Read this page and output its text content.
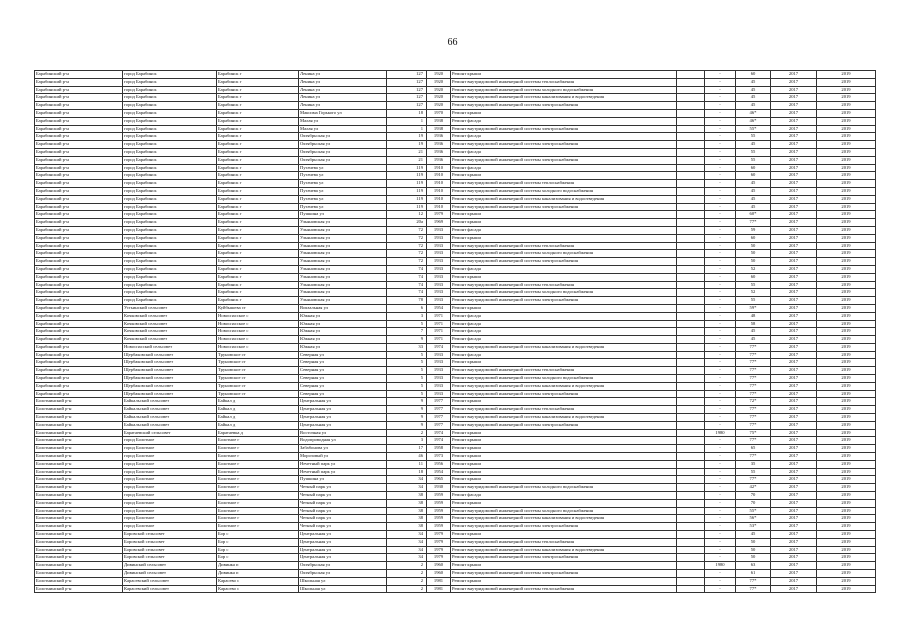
66
Барабинский р-н	город Барабинск	Барабинск г	Ленина ул	127	1920	Ремонт крыши		-	60	2017	2019
Барабинский р-н	город Барабинск	Барабинск г	Ленина ул	127	1920	Ремонт внутридомовой инженерной системы теплоснабжения		-	45	2017	2019
Барабинский р-н	город Барабинск	Барабинск г	Ленина ул	127	1920	Ремонт внутридомовой инженерной системы холодного водоснабжения		-	45	2017	2019
Барабинский р-н	город Барабинск	Барабинск г	Ленина ул	127	1920	Ремонт внутридомовой инженерной системы канализования и водоотведения		-	45	2017	2019
Барабинский р-н	город Барабинск	Барабинск г	Ленина ул	127	1920	Ремонт внутридомовой инженерной системы электроснабжения		-	45	2017	2019
Барабинский р-н	город Барабинск	Барабинск г	Максима Горького ул	18	1970	Ремонт крыши		-	46*	2017	2019
Барабинский р-н	город Барабинск	Барабинск г	Малая ул	1	1938	Ремонт фасада		-	46*	2017	2019
Барабинский р-н	город Барабинск	Барабинск г	Малая ул	1	1938	Ремонт внутридомовой инженерной системы электроснабжения		-	55*	2017	2019
Барабинский р-н	город Барабинск	Барабинск г	Октябрьская ул	19	1936	Ремонт фасада		-	55	2017	2019
Барабинский р-н	город Барабинск	Барабинск г	Октябрьская ул	19	1936	Ремонт внутридомовой инженерной системы электроснабжения		-	45	2017	2019
Барабинский р-н	город Барабинск	Барабинск г	Октябрьская ул	21	1936	Ремонт фасада		-	55	2017	2019
Барабинский р-н	город Барабинск	Барабинск г	Октябрьская ул	21	1936	Ремонт внутридомовой инженерной системы электроснабжения		-	55	2017	2019
Барабинский р-н	город Барабинск	Барабинск г	Пугачева ул	119	1910	Ремонт фасада		-	60	2017	2019
Барабинский р-н	город Барабинск	Барабинск г	Пугачева ул	119	1910	Ремонт крыши		-	60	2017	2019
Барабинский р-н	город Барабинск	Барабинск г	Пугачева ул	119	1910	Ремонт внутридомовой инженерной системы теплоснабжения		-	45	2017	2019
Барабинский р-н	город Барабинск	Барабинск г	Пугачева ул	119	1910	Ремонт внутридомовой инженерной системы холодного водоснабжения		-	45	2017	2019
Барабинский р-н	город Барабинск	Барабинск г	Пугачева ул	119	1910	Ремонт внутридомовой инженерной системы канализования и водоотведения		-	45	2017	2019
Барабинский р-н	город Барабинск	Барабинск г	Пугачева ул	119	1910	Ремонт внутридомовой инженерной системы электроснабжения		-	45	2017	2019
Барабинский р-н	город Барабинск	Барабинск г	Пушкина ул	12	1979	Ремонт крыши		-	60*	2017	2019
Барабинский р-н	город Барабинск	Барабинск г	Ульяновская ул	20а	1969	Ремонт крыши		-	77*	2017	2019
Барабинский р-н	город Барабинск	Барабинск г	Ульяновская ул	72	1933	Ремонт фасада		-	59	2017	2019
Барабинский р-н	город Барабинск	Барабинск г	Ульяновская ул	72	1933	Ремонт крыши		-	60	2017	2019
Барабинский р-н	город Барабинск	Барабинск г	Ульяновская ул	72	1933	Ремонт внутридомовой инженерной системы теплоснабжения		-	50	2017	2019
Барабинский р-н	город Барабинск	Барабинск г	Ульяновская ул	72	1933	Ремонт внутридомовой инженерной системы холодного водоснабжения		-	50	2017	2019
Барабинский р-н	город Барабинск	Барабинск г	Ульяновская ул	72	1933	Ремонт внутридомовой инженерной системы электроснабжения		-	50	2017	2019
Барабинский р-н	город Барабинск	Барабинск г	Ульяновская ул	74	1933	Ремонт фасада		-	52	2017	2019
Барабинский р-н	город Барабинск	Барабинск г	Ульяновская ул	74	1933	Ремонт крыши		-	60	2017	2019
Барабинский р-н	город Барабинск	Барабинск г	Ульяновская ул	74	1933	Ремонт внутридомовой инженерной системы теплоснабжения		-	55	2017	2019
Барабинский р-н	город Барабинск	Барабинск г	Ульяновская ул	74	1933	Ремонт внутридомовой инженерной системы холодного водоснабжения		-	52	2017	2019
Барабинский р-н	город Барабинск	Барабинск г	Ульяновская ул	78	1933	Ремонт внутридомовой инженерной системы электроснабжения		-	55	2017	2019
Барабинский р-н	Устьинский сельсовет	Куйбышева ст	Вокзальная ул	6	1954	Ремонт крыши		-	59*	2017	2019
Барабинский р-н	Кочковский сельсовет	Новоспасское с	Южная ул	3	1971	Ремонт фасада		-	48	2017	2019
Барабинский р-н	Кочковский сельсовет	Новоспасское с	Южная ул	5	1971	Ремонт фасада		-	58	2017	2019
Барабинский р-н	Кочковский сельсовет	Новоспасское с	Южная ул	7	1971	Ремонт фасада		-	45	2017	2019
Барабинский р-н	Кочковский сельсовет	Новоспасское с	Южная ул	9	1971	Ремонт фасада		-	45	2017	2019
Барабинский р-н	Новоспасский сельсовет	Новоспасское с	Южная ул	33	1974	Ремонт внутридомовой инженерной системы канализования и водоотведения		-	77*	2017	2019
Барабинский р-н	Щербаковский сельсовет	Труновское ст	Северная ул	5	1933	Ремонт фасада		-	77*	2017	2019
Барабинский р-н	Щербаковский сельсовет	Труновское ст	Северная ул	5	1933	Ремонт крыши		-	77*	2017	2019
Барабинский р-н	Щербаковский сельсовет	Труновское ст	Северная ул	5	1933	Ремонт внутридомовой инженерной системы теплоснабжения		-	77*	2017	2019
Барабинский р-н	Щербаковский сельсовет	Труновское ст	Северная ул	5	1933	Ремонт внутридомовой инженерной системы холодного водоснабжения		-	77*	2017	2019
Барабинский р-н	Щербаковский сельсовет	Труновское ст	Северная ул	5	1933	Ремонт внутридомовой инженерной системы канализования и водоотведения		-	77*	2017	2019
Барабинский р-н	Щербаковский сельсовет	Труновское ст	Северная ул	5	1933	Ремонт внутридомовой инженерной системы электроснабжения		-	77*	2017	2019
Болотнинский р-н	Байкальский сельсовет	Байкал д	Центральная ул	9	1977	Ремонт крыши		-	72*	2017	2019
Болотнинский р-н	Байкальский сельсовет	Байкал д	Центральная ул	9	1977	Ремонт внутридомовой инженерной системы теплоснабжения		-	77*	2017	2019
Болотнинский р-н	Байкальский сельсовет	Байкал д	Центральная ул	9	1977	Ремонт внутридомовой инженерной системы канализования и водоотведения		-	77*	2017	2019
Болотнинский р-н	Байкальский сельсовет	Байкал д	Центральная ул	9	1977	Ремонт внутридомовой инженерной системы электроснабжения		-	77*	2017	2019
Болотнинский р-н	Баратаевский сельсовет	Баратаевка д	Восточная ул	2	1974	Ремонт крыши		1980	75*	2017	2019
Болотнинский р-н	город Болотное	Болотное г	Водопроводная ул	3	1974	Ремонт крыши		-	77*	2017	2019
Болотнинский р-н	город Болотное	Болотное г	Забабонова ул	17	1958	Ремонт крыши		-	65	2017	2019
Болотнинский р-н	город Болотное	Болотное г	Морозовый ул	46	1973	Ремонт крыши		-	77*	2017	2019
Болотнинский р-н	город Болотное	Болотное г	Нечетный парк ул	11	1956	Ремонт крыши		-	35	2017	2019
Болотнинский р-н	город Болотное	Болотное г	Нечетный парк ул	18	1954	Ремонт крыши		-	55	2017	2019
Болотнинский р-н	город Болотное	Болотное г	Пушкина ул	34	1965	Ремонт крыши		-	77*	2017	2019
Болотнинский р-н	город Болотное	Болотное г	Четный парк ул	34	1930	Ремонт внутридомовой инженерной системы холодного водоснабжения		-	42*	2017	2019
Болотнинский р-н	город Болотное	Болотное г	Четный парк ул	38	1959	Ремонт фасада		-	70	2017	2019
Болотнинский р-н	город Болотное	Болотное г	Четный парк ул	38	1959	Ремонт крыши		-	70	2017	2019
Болотнинский р-н	город Болотное	Болотное г	Четный парк ул	38	1959	Ремонт внутридомовой инженерной системы холодного водоснабжения		-	55*	2017	2019
Болотнинский р-н	город Болотное	Болотное г	Четный парк ул	38	1959	Ремонт внутридомовой инженерной системы канализования и водоотведения		-	56*	2017	2019
Болотнинский р-н	город Болотное	Болотное г	Четный парк ул	38	1959	Ремонт внутридомовой инженерной системы электроснабжения		-	53*	2017	2019
Болотнинский р-н	Боровской сельсовет	Бор с	Центральная ул	34	1979	Ремонт крыши		-	45	2017	2019
Болотнинский р-н	Боровской сельсовет	Бор с	Центральная ул	34	1979	Ремонт внутридомовой инженерной системы теплоснабжения		-	50	2017	2019
Болотнинский р-н	Боровской сельсовет	Бор с	Центральная ул	34	1979	Ремонт внутридомовой инженерной системы канализования и водоотведения		-	50	2017	2019
Болотнинский р-н	Боровской сельсовет	Бор с	Центральная ул	34	1979	Ремонт внутридомовой инженерной системы электроснабжения		-	50	2017	2019
Болотнинский р-н	Дивинский сельсовет	Дивинка п	Октябрьская ул	2	1960	Ремонт крыши		1980	63	2017	2019
Болотнинский р-н	Дивинский сельсовет	Дивинка п	Октябрьская ул	2	1960	Ремонт внутридомовой инженерной системы электроснабжения		-	61	2017	2019
Болотнинский р-н	Карасевский сельсовет	Карасево с	Школьная ул	2	1981	Ремонт крыши		-	77*	2017	2019
Болотнинский р-н	Карасевский сельсовет	Карасево с	Школьная ул	2	1981	Ремонт внутридомовой инженерной системы теплоснабжения		-	77*	2017	2019
